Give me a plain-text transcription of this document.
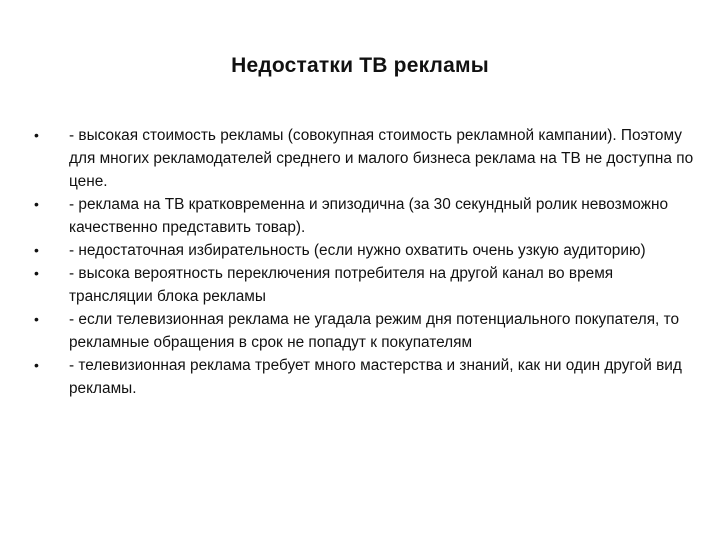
Недостатки ТВ рекламы
•	- высокая стоимость рекламы (совокупная стоимость рекламной кампании). Поэтому для многих рекламодателей среднего и малого бизнеса реклама на ТВ не доступна по цене.
•	- реклама на ТВ кратковременна и эпизодична (за 30 секундный ролик невозможно качественно представить товар).
•	- недостаточная избирательность (если нужно охватить очень узкую аудиторию)
•	- высока вероятность переключения потребителя на другой канал во время трансляции блока рекламы
•	- если телевизионная реклама не угадала режим дня потенциального покупателя, то рекламные обращения в срок не попадут к покупателям
•	- телевизионная реклама требует много мастерства и знаний, как ни один другой вид рекламы.
